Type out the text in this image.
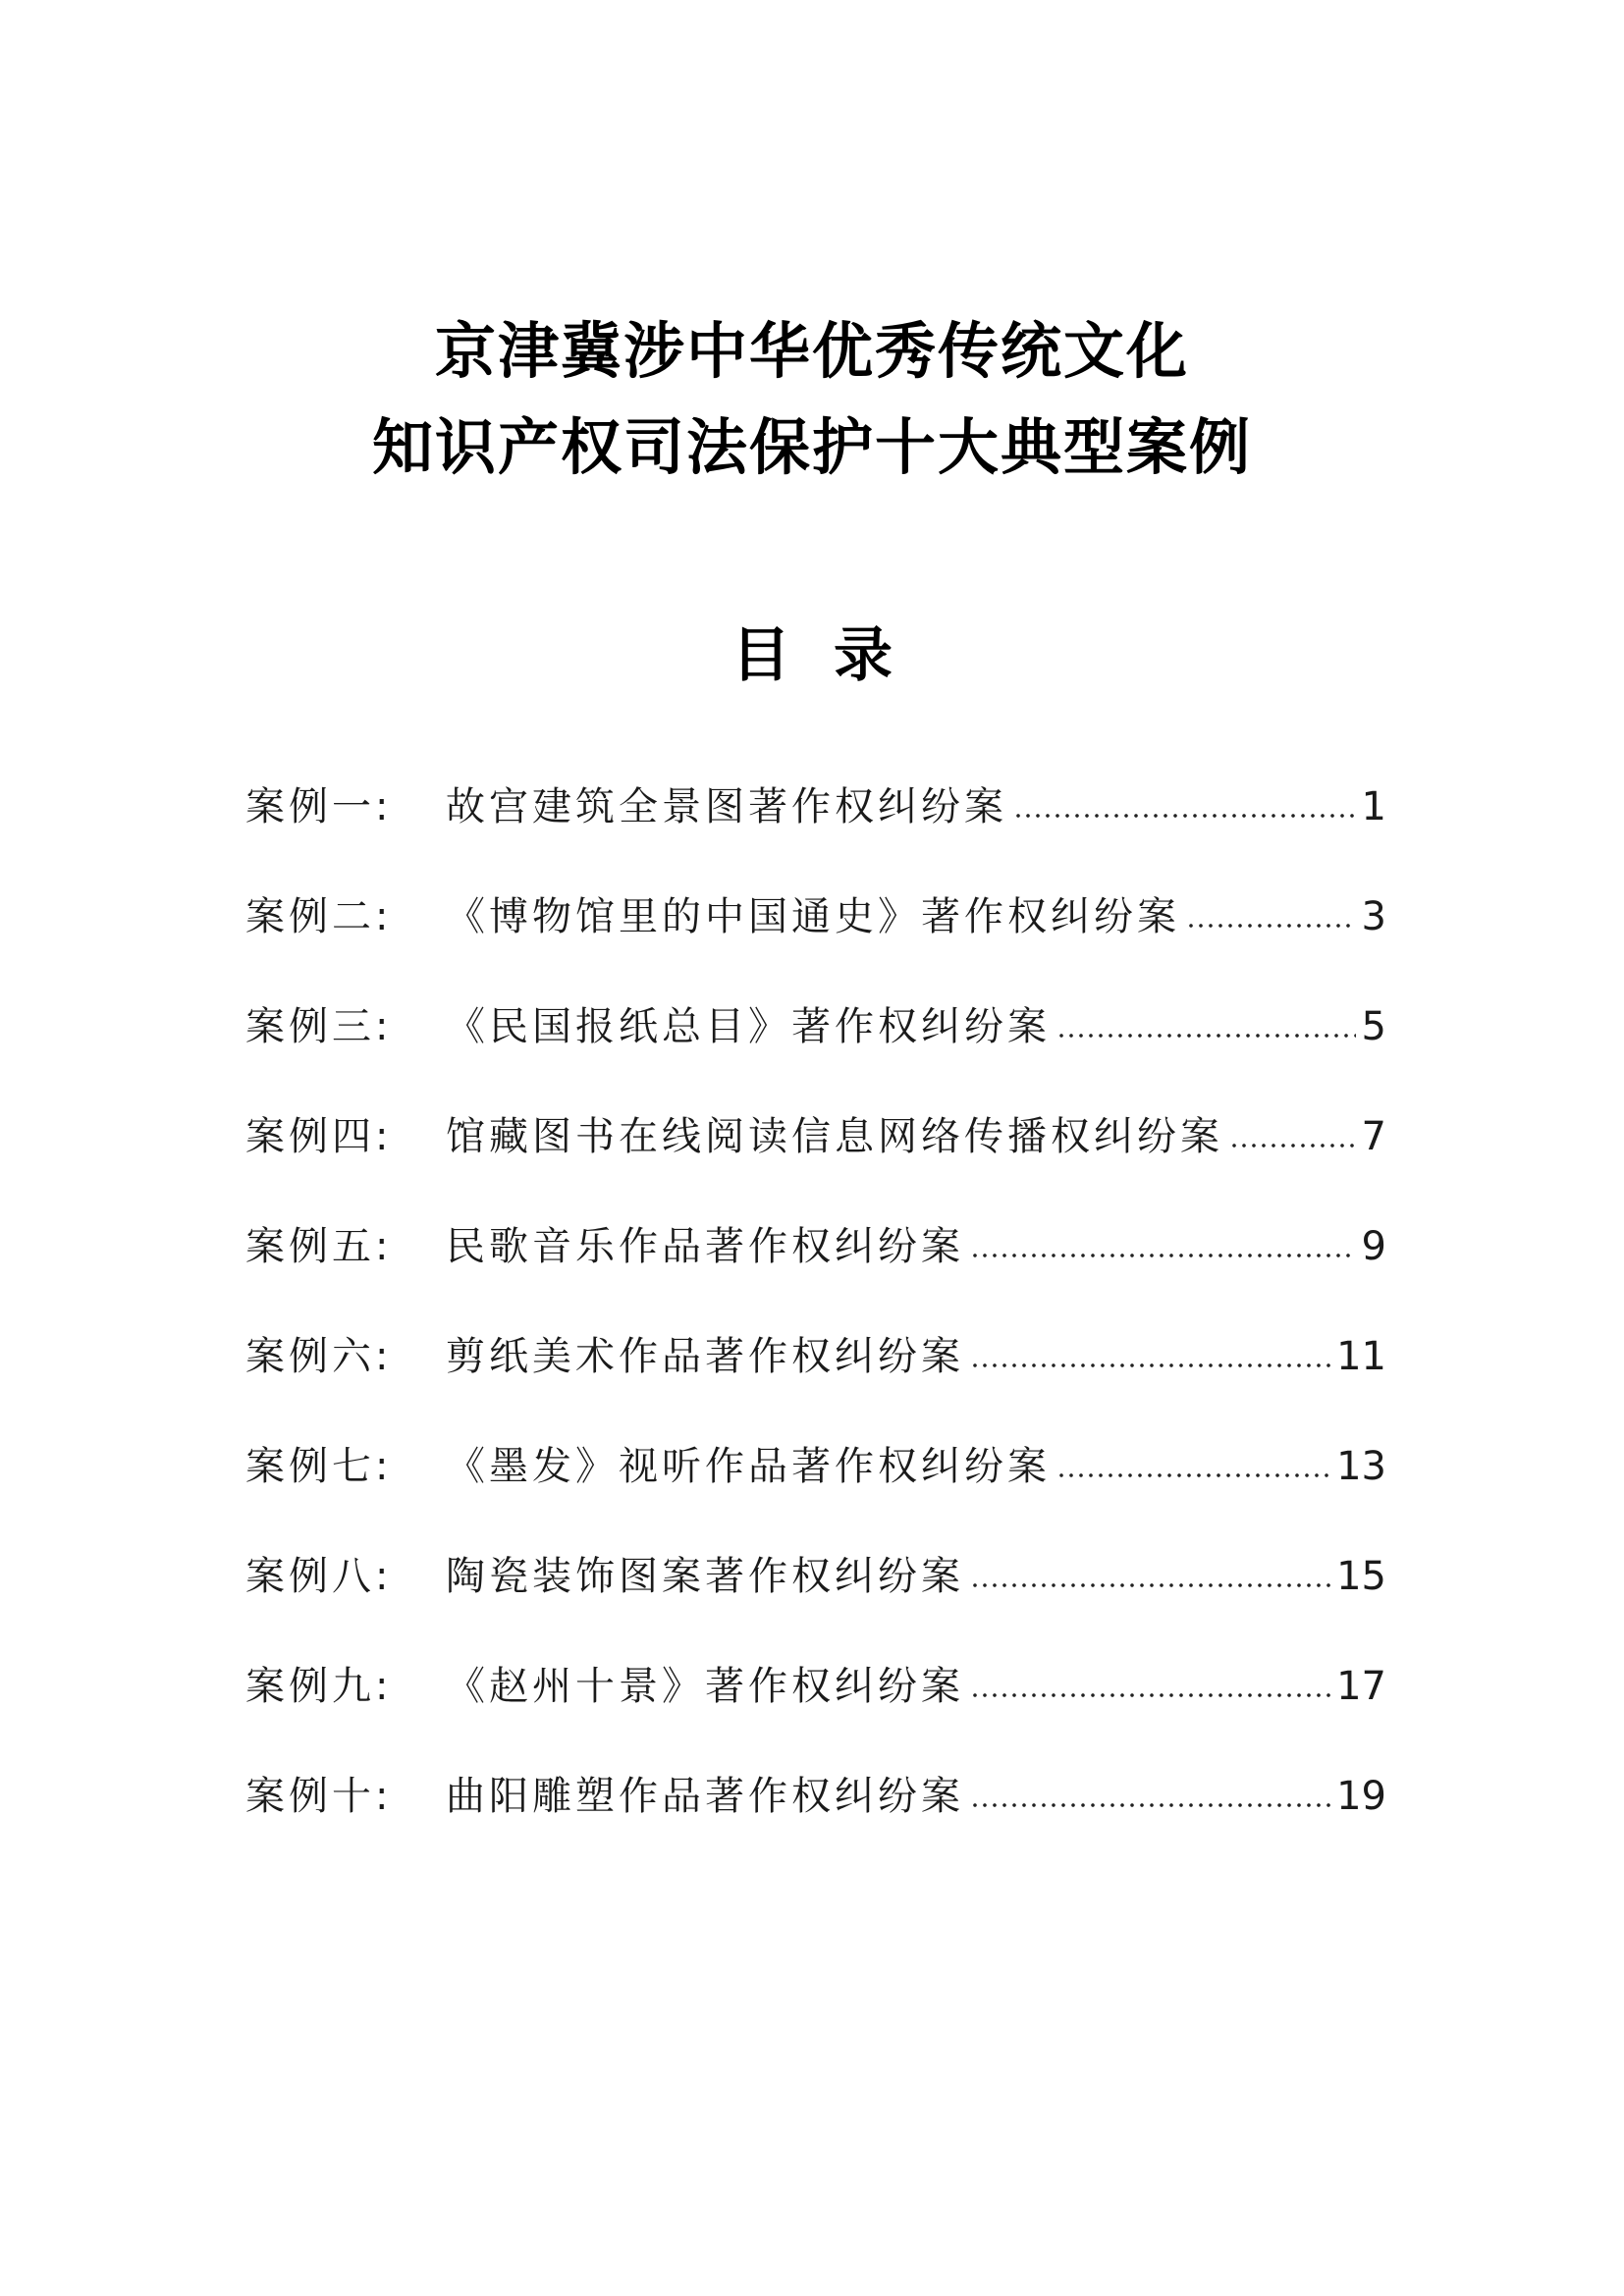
京津冀涉中华优秀传统文化
知识产权司法保护十大典型案例
目录
案例一:	故宫建筑全景图著作权纠纷案	1
案例二:	《博物馆里的中国通史》著作权纠纷案	3
案例三:	《民国报纸总目》著作权纠纷案	5
案例四:	馆藏图书在线阅读信息网络传播权纠纷案	7
案例五:	民歌音乐作品著作权纠纷案	9
案例六:	剪纸美术作品著作权纠纷案	11
案例七:	《墨发》视听作品著作权纠纷案	13
案例八:	陶瓷装饰图案著作权纠纷案	15
案例九:	《赵州十景》著作权纠纷案	17
案例十:	曲阳雕塑作品著作权纠纷案	19
